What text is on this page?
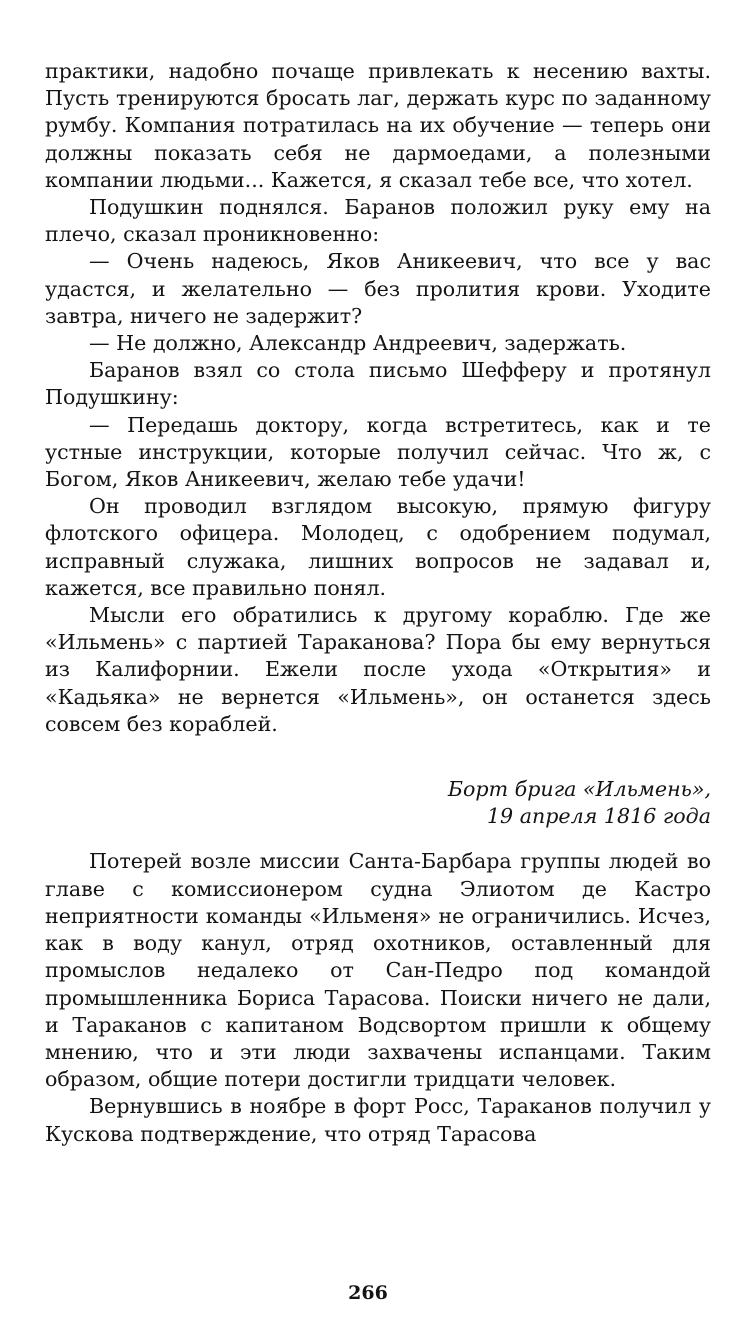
практики, надобно почаще привлекать к несению вахты. Пусть тренируются бросать лаг, держать курс по заданному румбу. Компания потратилась на их обучение — теперь они должны показать себя не дармоедами, а полезными компании людьми... Кажется, я сказал тебе все, что хотел.

Подушкин поднялся. Баранов положил руку ему на плечо, сказал проникновенно:

— Очень надеюсь, Яков Аникеевич, что все у вас удастся, и желательно — без пролития крови. Уходите завтра, ничего не задержит?

— Не должно, Александр Андреевич, задержать.

Баранов взял со стола письмо Шефферу и протянул Подушкину:

— Передашь доктору, когда встретитесь, как и те устные инструкции, которые получил сейчас. Что ж, с Богом, Яков Аникеевич, желаю тебе удачи!

Он проводил взглядом высокую, прямую фигуру флотского офицера. Молодец, с одобрением подумал, исправный служака, лишних вопросов не задавал и, кажется, все правильно понял.

Мысли его обратились к другому кораблю. Где же «Ильмень» с партией Тараканова? Пора бы ему вернуться из Калифорнии. Ежели после ухода «Открытия» и «Кадьяка» не вернется «Ильмень», он останется здесь совсем без кораблей.

Борт брига «Ильмень»,
19 апреля 1816 года

Потерей возле миссии Санта-Барбара группы людей во главе с комиссионером судна Элиотом де Кастро неприятности команды «Ильменя» не ограничились. Исчез, как в воду канул, отряд охотников, оставленный для промыслов недалеко от Сан-Педро под командой промышленника Бориса Тарасова. Поиски ничего не дали, и Тараканов с капитаном Водсвортом пришли к общему мнению, что и эти люди захвачены испанцами. Таким образом, общие потери достигли тридцати человек.

Вернувшись в ноябре в форт Росс, Тараканов получил у Кускова подтверждение, что отряд Тарасова

266
